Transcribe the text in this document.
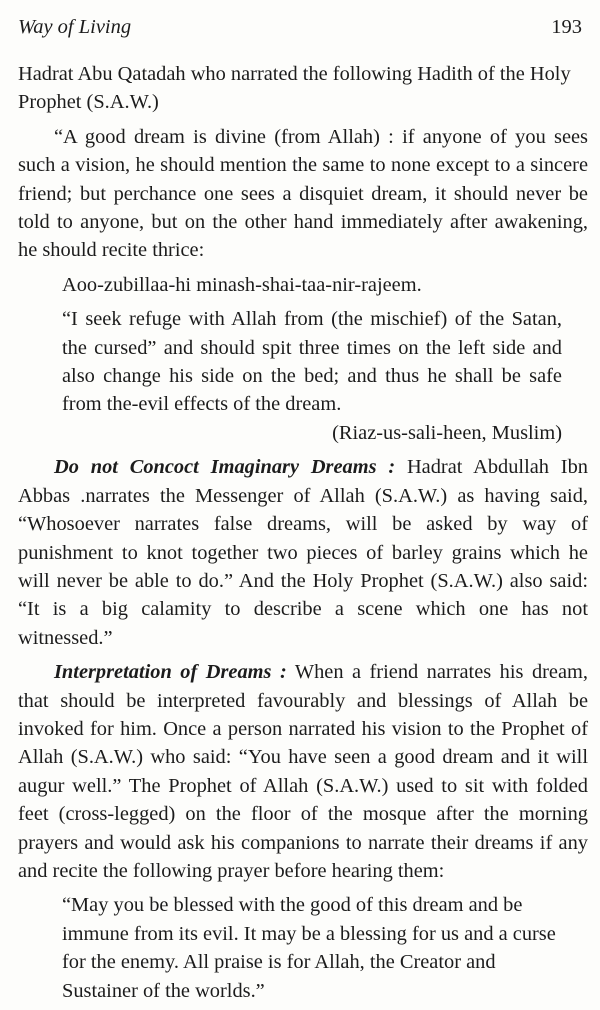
Way of Living	193

Hadrat Abu Qatadah who narrated the following Hadith of the Holy Prophet (S.A.W.)

“A good dream is divine (from Allah) : if anyone of you sees such a vision, he should mention the same to none except to a sincere friend; but perchance one sees a disquiet dream, it should never be told to anyone, but on the other hand immediately after awakening, he should recite thrice:

Aoo-zubillaa-hi minash-shai-taa-nir-rajeem.

“I seek refuge with Allah from (the mischief) of the Satan, the cursed” and should spit three times on the left side and also change his side on the bed; and thus he shall be safe from the-evil effects of the dream.

(Riaz-us-sali-heen, Muslim)

Do not Concoct Imaginary Dreams : Hadrat Abdullah Ibn Abbas .narrates the Messenger of Allah (S.A.W.) as having said, “Whosoever narrates false dreams, will be asked by way of punishment to knot together two pieces of barley grains which he will never be able to do.” And the Holy Prophet (S.A.W.) also said: “It is a big calamity to describe a scene which one has not witnessed.”

Interpretation of Dreams : When a friend narrates his dream, that should be interpreted favourably and blessings of Allah be invoked for him. Once a person narrated his vision to the Prophet of Allah (S.A.W.) who said: “You have seen a good dream and it will augur well.” The Prophet of Allah (S.A.W.) used to sit with folded feet (cross-legged) on the floor of the mosque after the morning prayers and would ask his companions to narrate their dreams if any and recite the following prayer before hearing them:

“May you be blessed with the good of this dream and be immune from its evil. It may be a blessing for us and a curse for the enemy. All praise is for Allah, the Creator and Sustainer of the worlds.”
